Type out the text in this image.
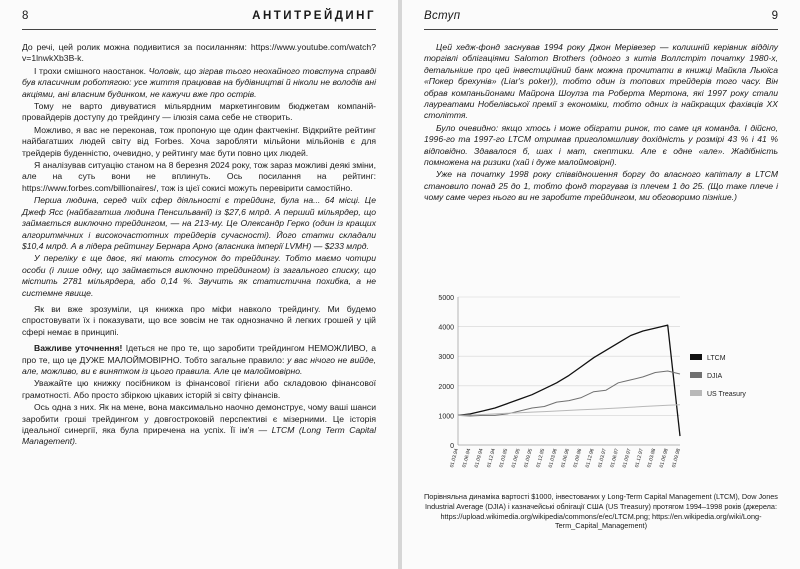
8	АНТИТРЕЙДИНГ

До речі, цей ролик можна подивитися за посиланням: https://www.youtube.com/watch?v=1lnwkXb3B-k.

І трохи смішного наостанок. Чоловік, що зіграв тього неохайного товстуна справді був класичним роботягою: усе життя працював на будівництві й ніколи не володів ані акціями, ані власним будинком, не кажучи вже про острів.

Тому не варто дивуватися мільярдним маркетинговим бюджетам компаній-провайдерів доступу до трейдингу — ілюзія сама себе не створить.

Можливо, я вас не переконав, тож пропоную ще один фактчекінг. Відкрийте рейтинг найбагатших людей світу від Forbes. Хоча заробляти мільйони мільйонів є для трейдерів буденністю, очевидно, у рейтингу має бути повно цих людей.

Я аналізував ситуацію станом на 8 березня 2024 року, тож зараз можливі деякі зміни, але на суть вони не вплинуть. Ось посилання на рейтинг: https://www.forbes.com/billionaires/, тож із цієї сокисі можуть перевірити самостійно.

Перша людина, серед чиїх сфер діяльності є трейдинг, була на... 64 місці. Це Джеф Ясс (найбагатша людина Пенсильванії) із $27,6 млрд. А перший мільярдер, що займається виключно трейдингом, — на 213-му. Це Олександр Герко (один із кращих алгоритмічних і високочастотних трейдерів сучасності). Його статки складали $10,4 млрд. А в лідера рейтингу Бернара Арно (власника імперії LVMH) — $233 млрд.

У переліку є ще двоє, які мають стосунок до трейдингу. Тобто маємо чотири особи (і лише одну, що займається виключно трейдингом) із загального списку, що містить 2781 мільярдера, або 0,14 %. Звучить як статистична похибка, а не системне явище.

Як ви вже зрозуміли, ця книжка про міфи навколо трейдингу. Ми будемо спростовувати їх і показувати, що все зовсім не так однозначно й легких грошей у цій сфері немає в принципі.

Важливе уточнення! Ідеться не про те, що заробити трейдингом НЕМОЖЛИВО, а про те, що це ДУЖЕ МАЛОЙМОВІРНО. Тобто загальне правило: у вас нічого не вийде, але, можливо, ви є винятком із цього правила. Але це малоймовірно.

Уважайте цю книжку посібником із фінансової гігієни або складовою фінансової грамотності. Або просто збіркою цікавих історій зі світу фінансів.

Ось одна з них. Як на мене, вона максимально наочно демонструє, чому ваші шанси заробити гроші трейдингом у довгостроковій перспективі є мізерними. Це історія ідеальної синергії, яка була приречена на успіх. Її ім'я — LTCM (Long Term Capital Management).

Вступ	9

Цей хедж-фонд заснував 1994 року Джон Мерівезер — колишній керівник відділу торгівлі облігаціями Salomon Brothers (одного з китів Воллстріт початку 1980-х, детальніше про цей інвестиційний банк можна прочитати в книжці Майкла Льюїса «Покер брехунів» (Liar's poker)), тобто один із топових трейдерів того часу. Він обрав компаньйонами Майрона Шоулза та Роберта Мертона, які 1997 року стали лауреатами Нобелівської премії з економіки, тобто одних із найкращих фахівців ХХ століття.

Було очевидно: якщо хтось і може обіграти ринок, то саме ця команда. І дійсно, 1996-го та 1997-го LTCM отримав приголомшливу дохідність у розмірі 43 % і 41 % відповідно. Здавалося б, шах і мат, скептики. Але є одне «але». Жадібність помножена на ризики (хай і дуже малоймовірні).

Уже на початку 1998 року співвідношення боргу до власного капіталу в LTCM становило понад 25 до 1, тобто фонд торгував із плечем 1 до 25. (Що таке плече і чому саме через нього ви не заробите трейдингом, ми обговоримо пізніше.)

0
1000
2000
3000
4000
5000
01.03.94 01.06.94 01.09.94 01.12.94 01.03.95 01.06.95 01.09.95 01.12.95 01.03.96 01.06.96 01.09.96 01.12.96 01.03.97 01.06.97 01.09.97 01.12.97 01.03.98 01.06.98 01.09.98
LTCM
DJIA
US Treasury
Порівняльна динаміка вартості $1000, інвестованих у Long-Term Capital Management (LTCM), Dow Jones Industrial Average (DJIA) і казначейські облігації США (US Treasury) протягом 1994–1998 років (джерела: https://upload.wikimedia.org/wikipedia/commons/e/ec/LTCM.png; https://en.wikipedia.org/wiki/Long-Term_Capital_Management)
